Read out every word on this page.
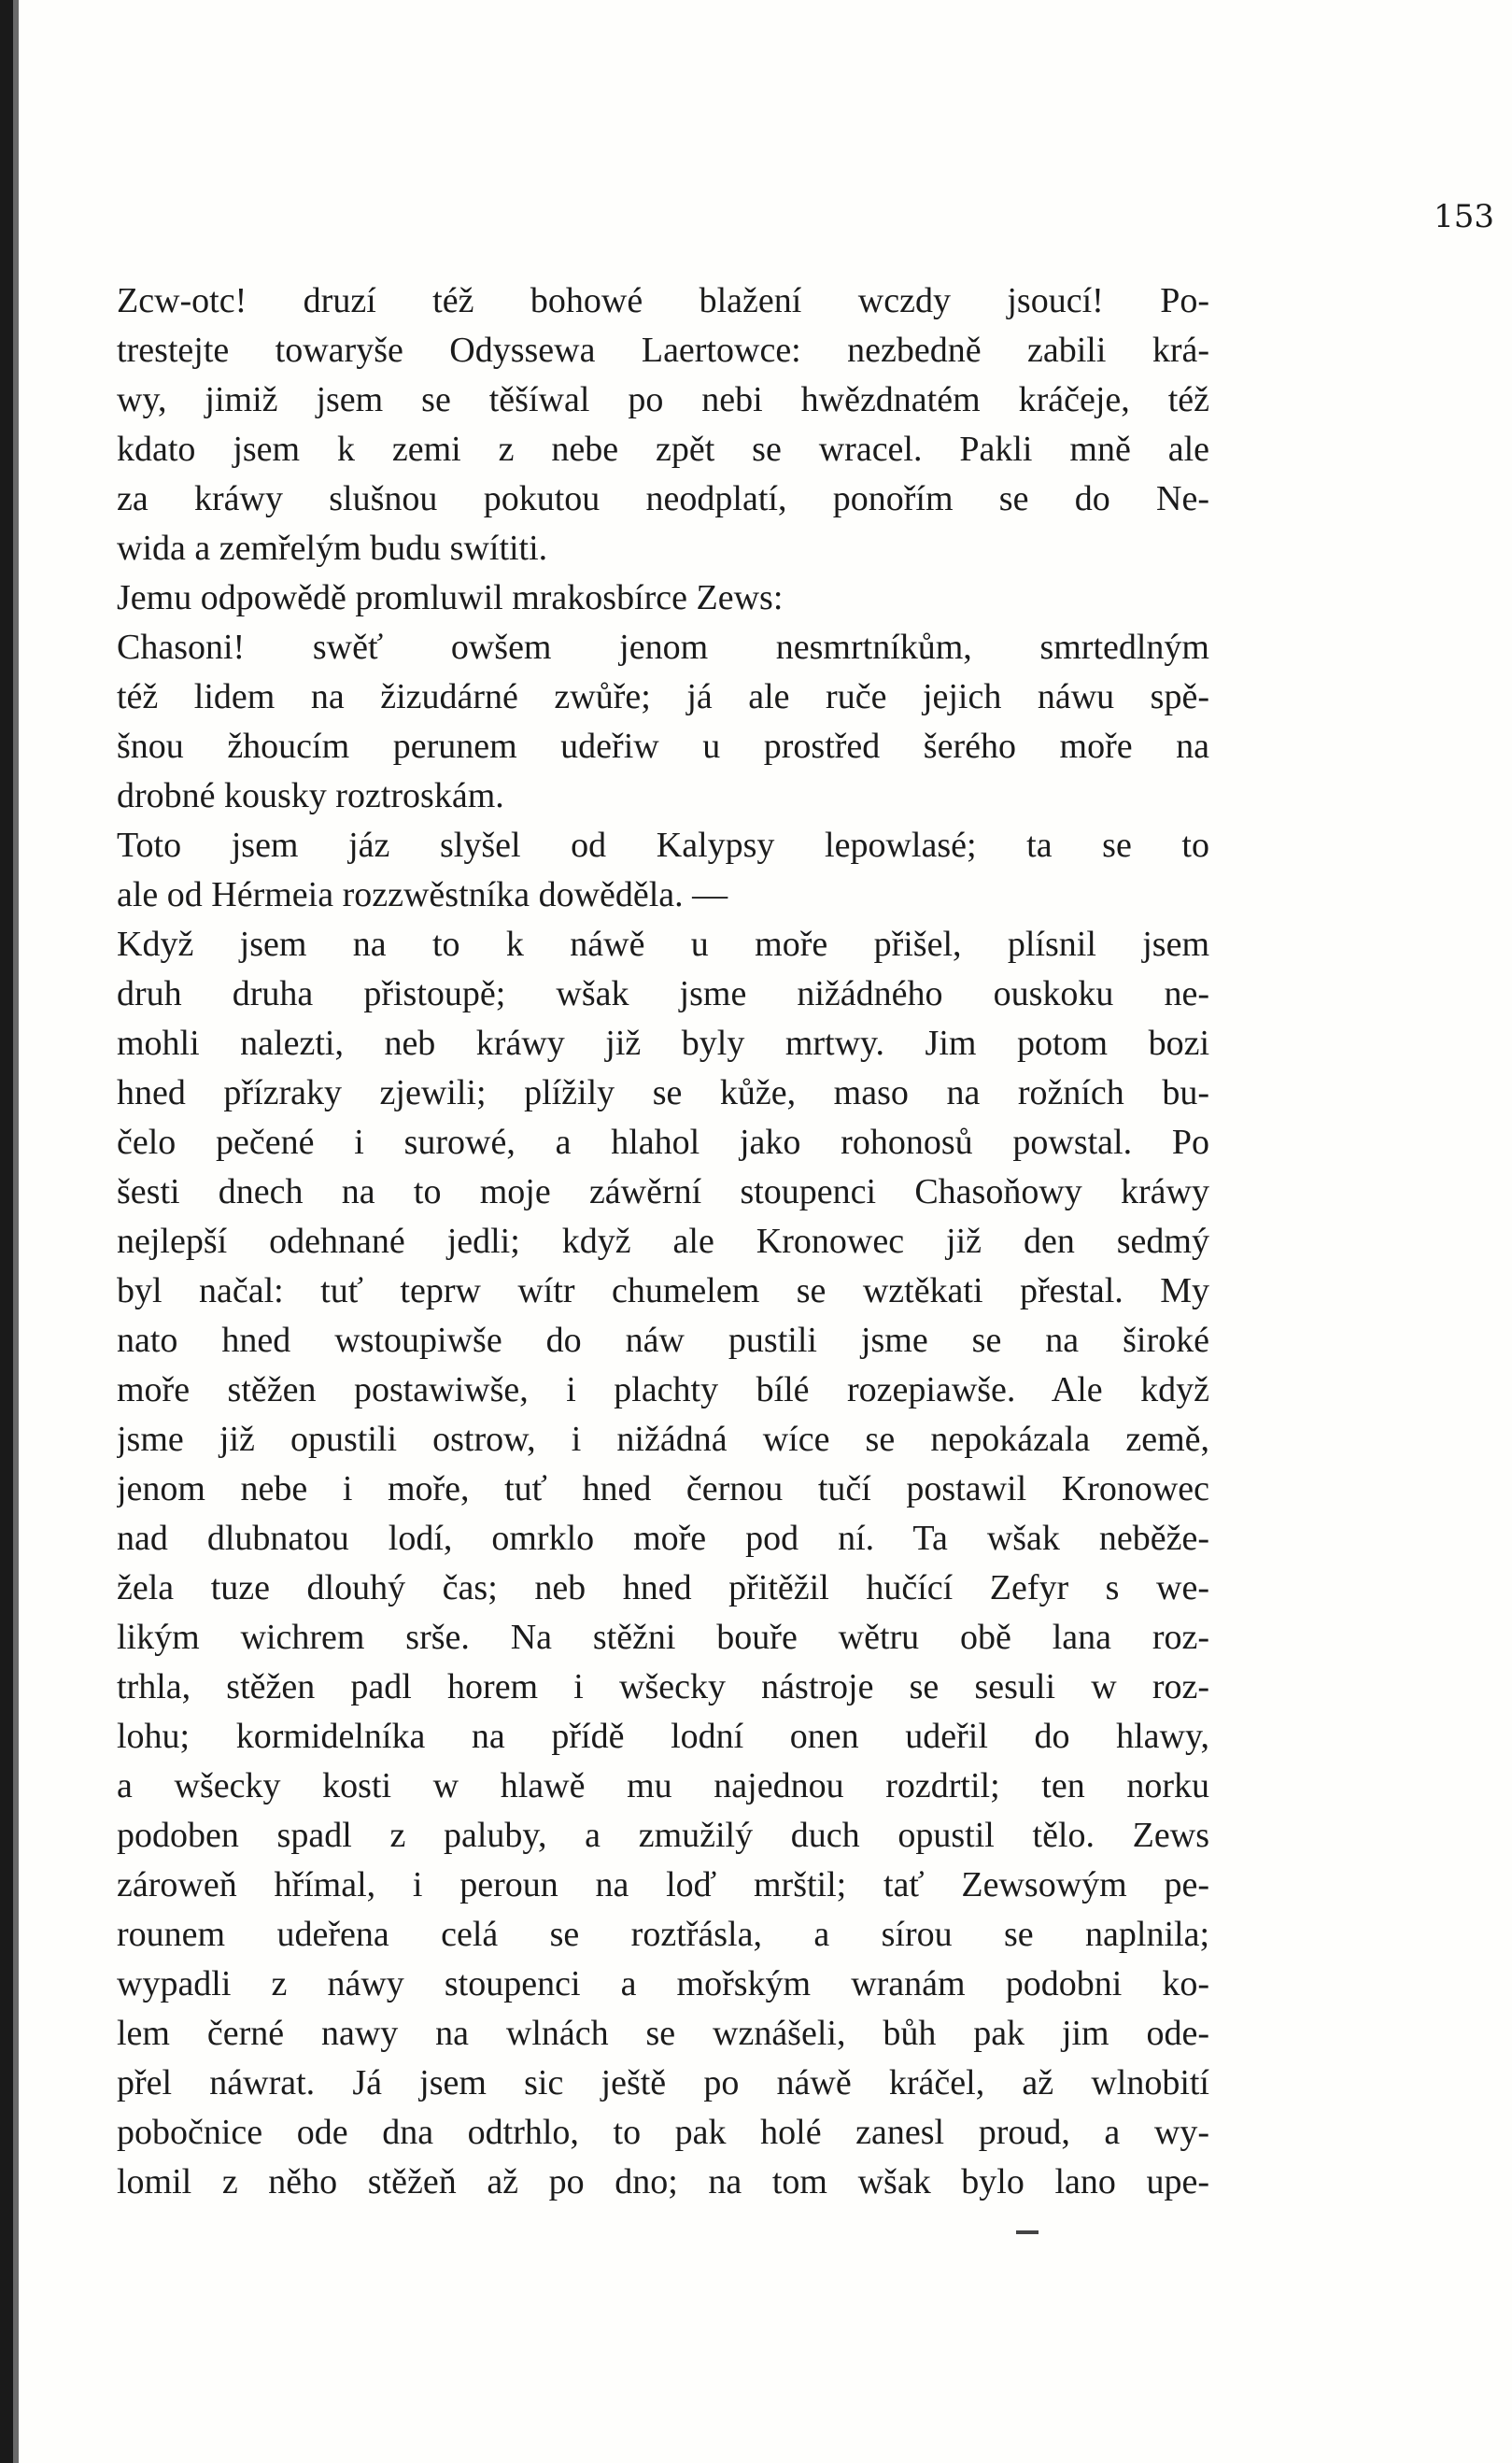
153
Zcw-otc! druzí též bohowé blažení wczdy jsoucí! Po-
trestejte towaryše Odyssewa Laertowce: nezbedně zabili krá-
wy, jimiž jsem se těšíwal po nebi hwězdnatém kráčeje, též
kdato jsem k zemi z nebe zpět se wracel. Pakli mně ale
za kráwy slušnou pokutou neodplatí, ponořím se do Ne-
wida a zemřelým budu swítiti.
Jemu odpowědě promluwil mrakosbírce Zews:
Chasoni! swěť owšem jenom nesmrtníkům, smrtedlným
též lidem na žizudárné zwůře; já ale ruče jejich náwu spě-
šnou žhoucím perunem udeřiw u prostřed šerého moře na
drobné kousky roztroskám.
Toto jsem jáz slyšel od Kalypsy lepowlasé; ta se to
ale od Hérmeia rozzwěstníka dowěděla. —
Když jsem na to k náwě u moře přišel, plísnil jsem
druh druha přistoupě; wšak jsme nižádného ouskoku ne-
mohli nalezti, neb kráwy již byly mrtwy. Jim potom bozi
hned přízraky zjewili; plížily se kůže, maso na rožních bu-
čelo pečené i surowé, a hlahol jako rohonosů powstal. Po
šesti dnech na to moje záwěrní stoupenci Chasoňowy kráwy
nejlepší odehnané jedli; když ale Kronowec již den sedmý
byl načal: tuť teprw wítr chumelem se wztěkati přestal. My
nato hned wstoupiwše do náw pustili jsme se na široké
moře stěžen postawiwše, i plachty bílé rozepiawše. Ale když
jsme již opustili ostrow, i nižádná wíce se nepokázala země,
jenom nebe i moře, tuť hned černou tučí postawil Kronowec
nad dlubnatou lodí, omrklo moře pod ní. Ta wšak neběže-
žela tuze dlouhý čas; neb hned přitěžil hučící Zefyr s we-
likým wichrem srše. Na stěžni bouře wětru obě lana roz-
trhla, stěžen padl horem i wšecky nástroje se sesuli w roz-
lohu; kormidelníka na přídě lodní onen udeřil do hlawy,
a wšecky kosti w hlawě mu najednou rozdrtil; ten norku
podoben spadl z paluby, a zmužilý duch opustil tělo. Zews
zároweň hřímal, i peroun na loď mrštil; tať Zewsowým pe-
rounem udeřena celá se roztřásla, a sírou se naplnila;
wypadli z náwy stoupenci a mořským wranám podobni ko-
lem černé nawy na wlnách se wznášeli, bůh pak jim ode-
přel náwrat. Já jsem sic ještě po náwě kráčel, až wlnobití
pobočnice ode dna odtrhlo, to pak holé zanesl proud, a wy-
lomil z něho stěžeň až po dno; na tom wšak bylo lano upe-
